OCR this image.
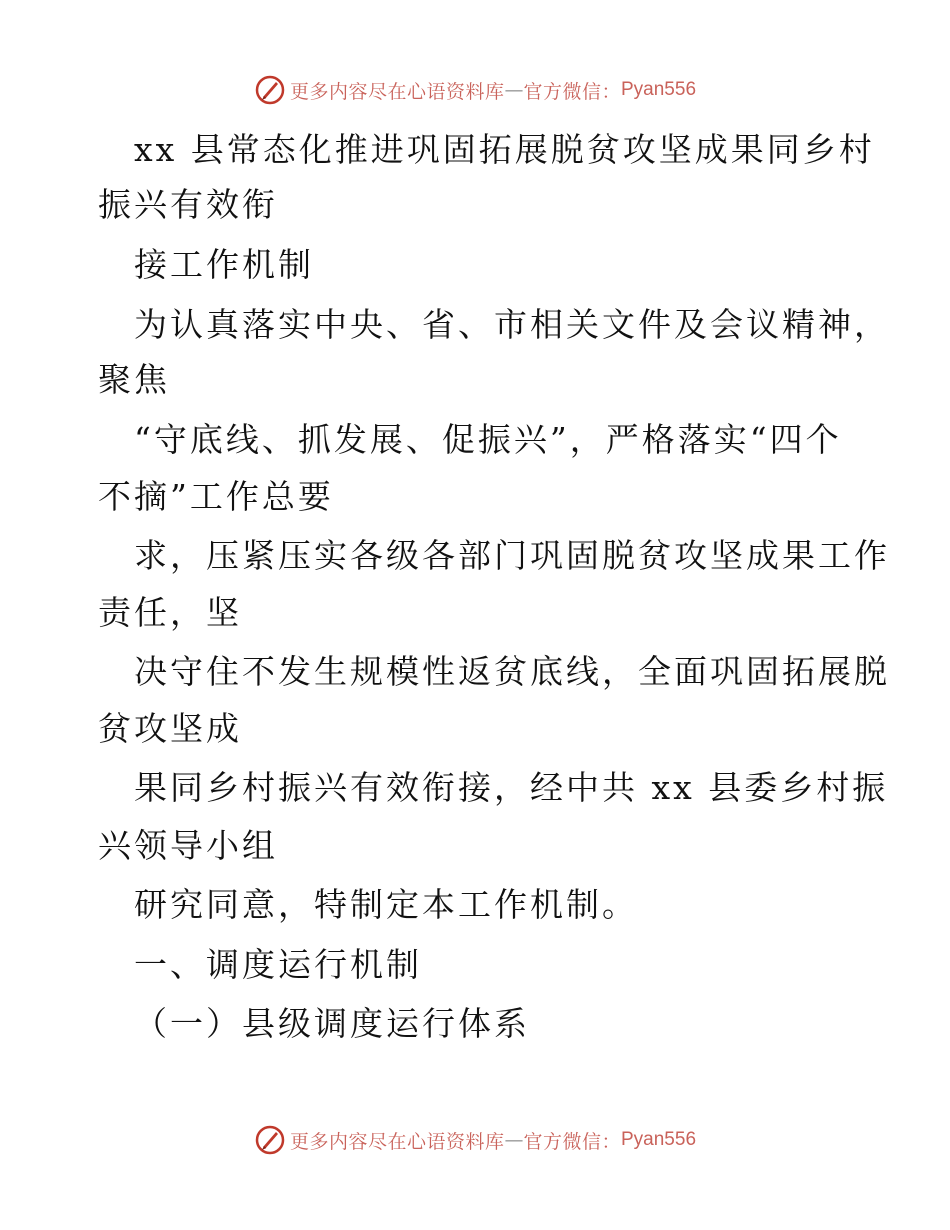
更多内容尽在心语资料库 — 官方微信： Pyan556
xx 县常态化推进巩固拓展脱贫攻坚成果同乡村
振兴有效衔
接工作机制
为认真落实中央、省、市相关文件及会议精神，
聚焦
“守底线、抓发展、促振兴”，严格落实“四个
不摘”工作总要
求，压紧压实各级各部门巩固脱贫攻坚成果工作
责任，坚
决守住不发生规模性返贫底线，全面巩固拓展脱
贫攻坚成
果同乡村振兴有效衔接，经中共 xx 县委乡村振
兴领导小组
研究同意，特制定本工作机制。
一、调度运行机制
（一）县级调度运行体系
更多内容尽在心语资料库 — 官方微信： Pyan556
